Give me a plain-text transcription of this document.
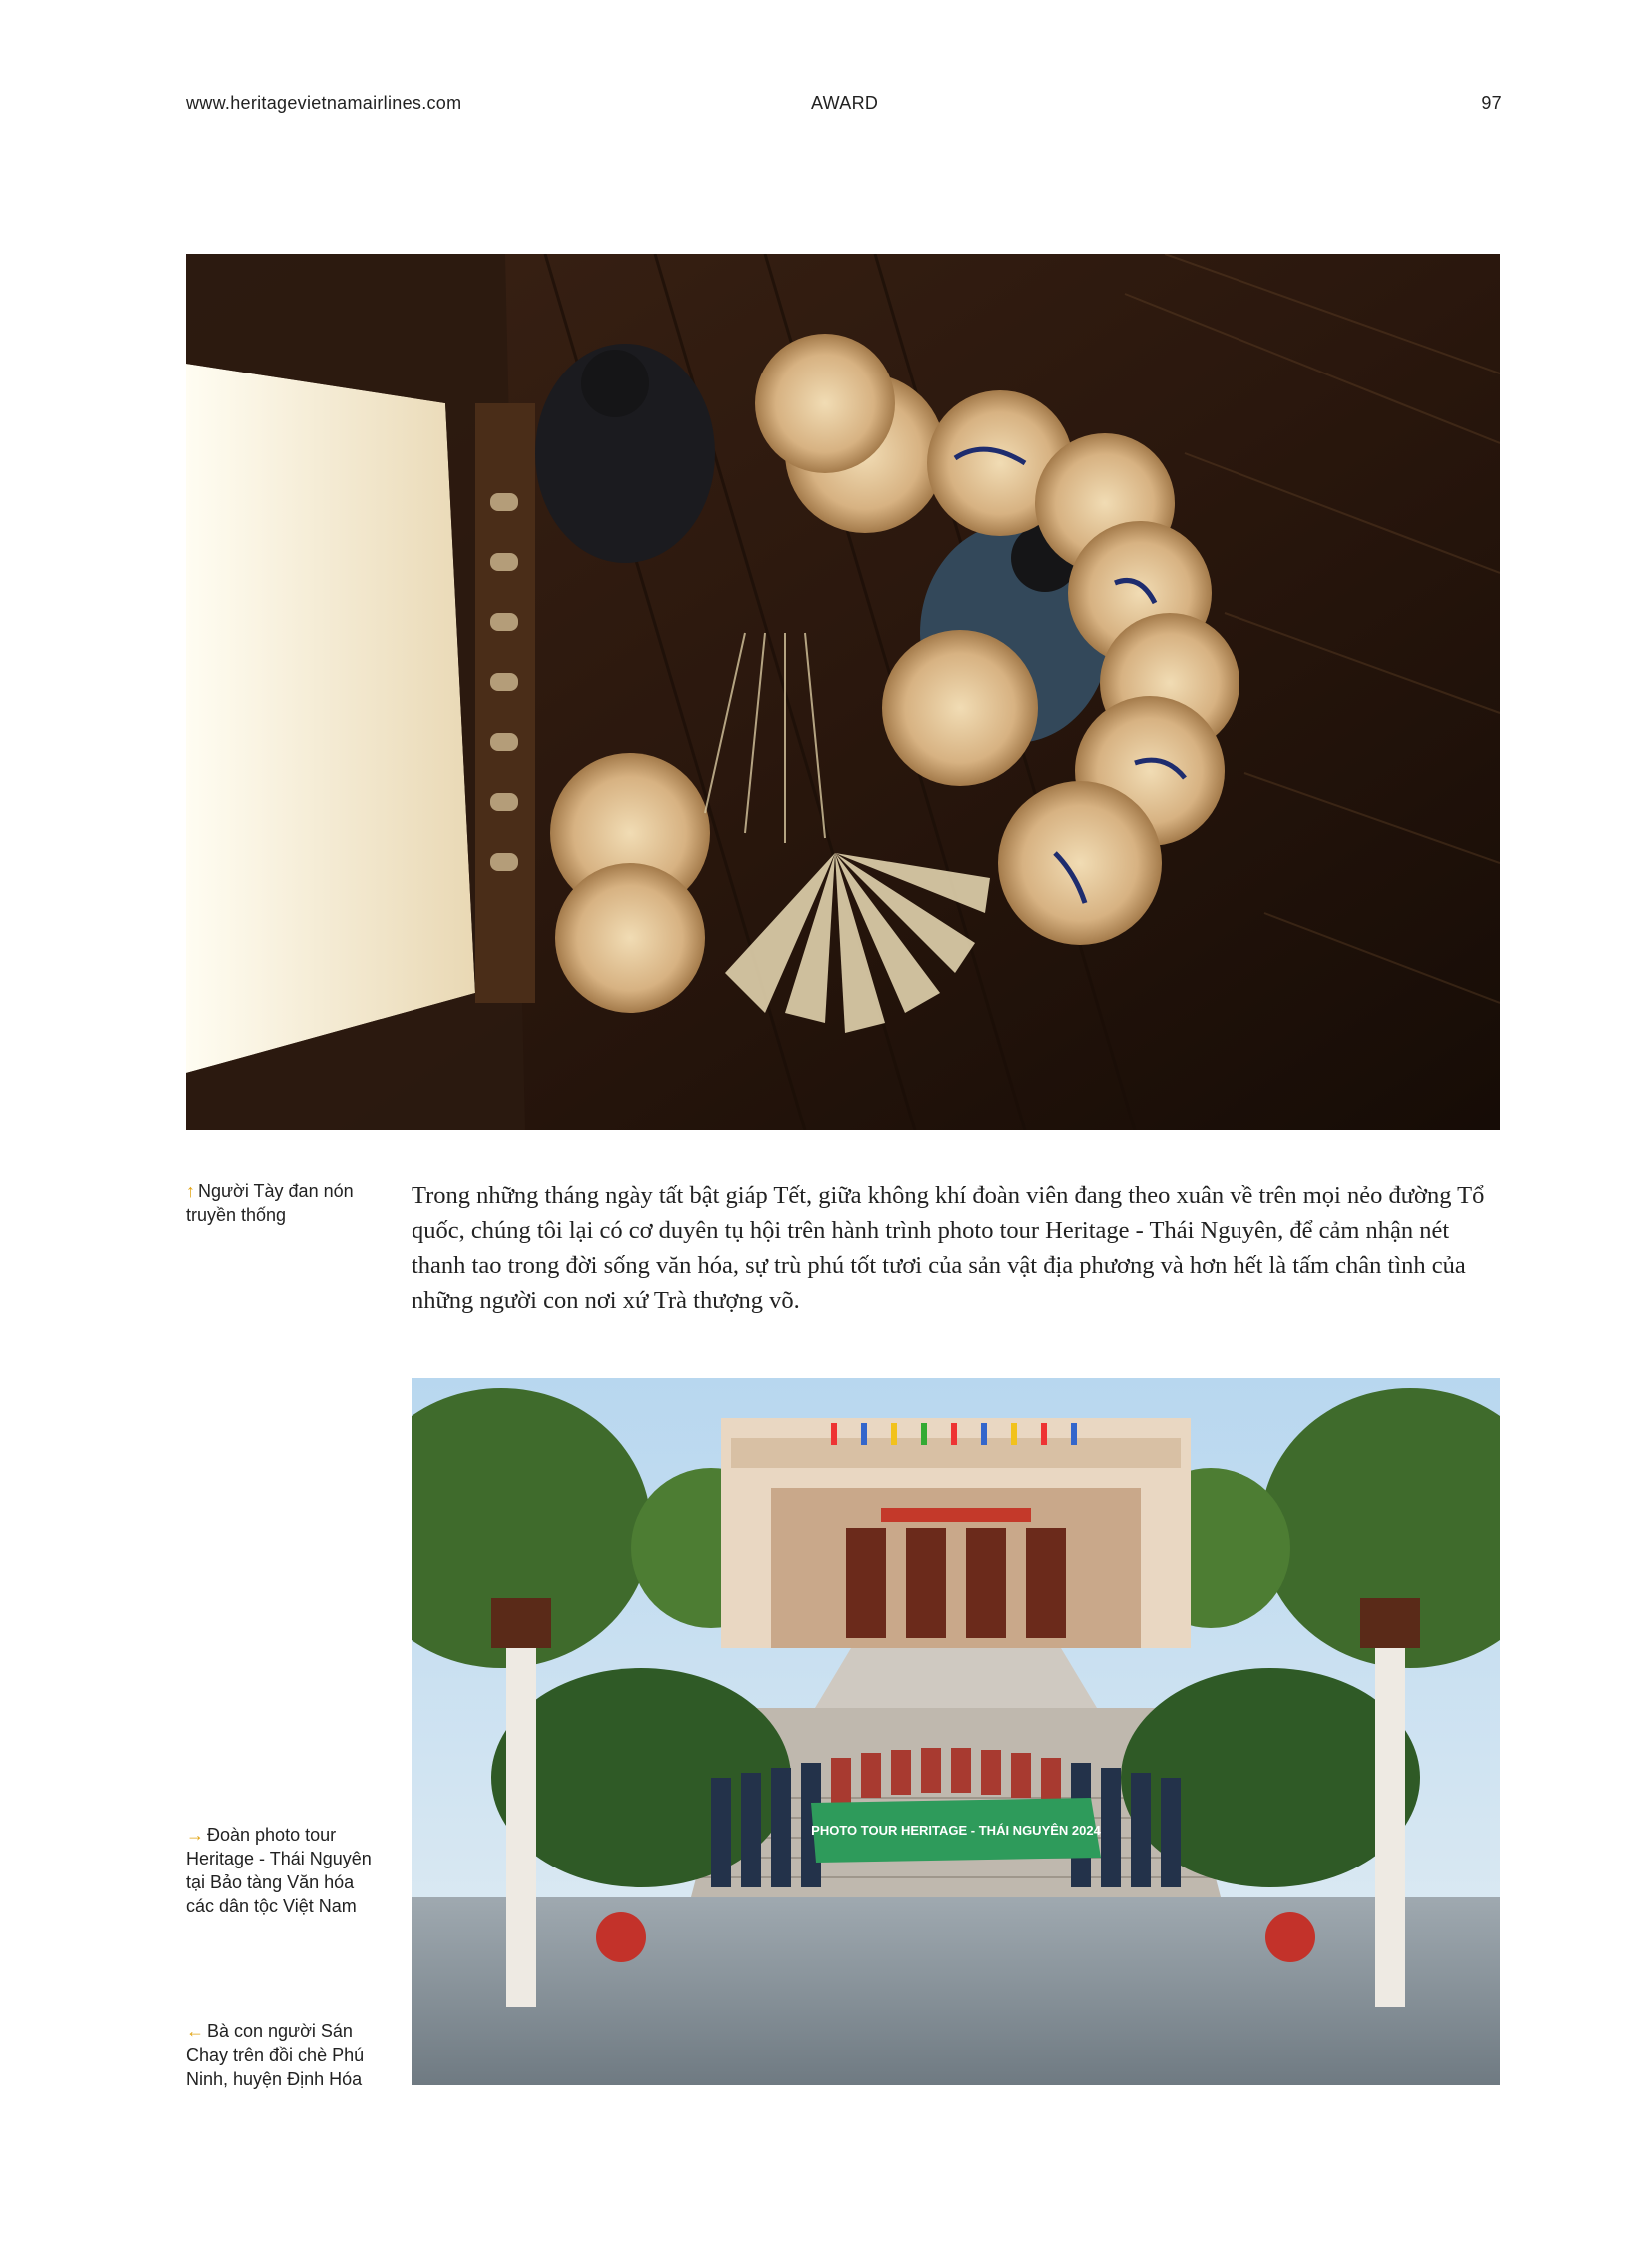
www.heritagevietnamairlines.com	AWARD	97
↑ Người Tày đan nón truyền thống
Trong những tháng ngày tất bật giáp Tết, giữa không khí đoàn viên đang theo xuân về trên mọi nẻo đường Tổ quốc, chúng tôi lại có cơ duyên tụ hội trên hành trình photo tour Heritage - Thái Nguyên, để cảm nhận nét thanh tao trong đời sống văn hóa, sự trù phú tốt tươi của sản vật địa phương và hơn hết là tấm chân tình của những người con nơi xứ Trà thượng võ.
PHOTO TOUR HERITAGE - THÁI NGUYÊN 2024
→ Đoàn photo tour Heritage - Thái Nguyên tại Bảo tàng Văn hóa các dân tộc Việt Nam
← Bà con người Sán Chay trên đồi chè Phú Ninh, huyện Định Hóa
